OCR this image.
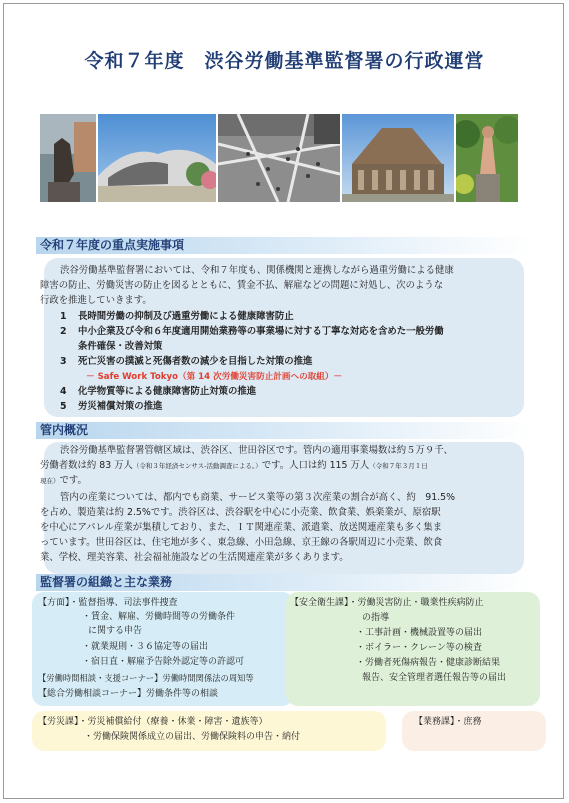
令和７年度　渋谷労働基準監督署の行政運営
令和７年度の重点実施事項
渋谷労働基準監督署においては、令和７年度も、関係機関と連携しながら過重労働による健康
障害の防止、労働災害の防止を図るとともに、賃金不払、解雇などの問題に対処し、次のような
行政を推進していきます。
1 長時間労働の抑制及び過重労働による健康障害防止
2 中小企業及び令和６年度適用開始業務等の事業場に対する丁寧な対応を含めた一般労働
条件確保・改善対策
3 死亡災害の撲滅と死傷者数の減少を目指した対策の推進
－ Safe Work Tokyo（第 14 次労働災害防止計画への取組）－
4 化学物質等による健康障害防止対策の推進
5 労災補償対策の推進
管内概況
渋谷労働基準監督署管轄区域は、渋谷区、世田谷区です。管内の適用事業場数は約５万９千、
労働者数は約 83 万人（令和３年経済センサス‐活動調査による。）です。人口は約 115 万人（令和７年３月１日
現在）です。
管内の産業については、都内でも商業、サービス業等の第３次産業の割合が高く、約　91.5%
を占め、製造業は約 2.5%です。渋谷区は、渋谷駅を中心に小売業、飲食業、娯楽業が、原宿駅
を中心にアパレル産業が集積しており、また、ＩＴ関連産業、派遣業、放送関連産業も多く集ま
っています。世田谷区は、住宅地が多く、東急線、小田急線、京王線の各駅周辺に小売業、飲食
業、学校、理美容業、社会福祉施設などの生活関連産業が多くあります。
監督署の組織と主な業務
【方面】・監督指導、司法事件捜査
・賃金、解雇、労働時間等の労働条件
に関する申告
・就業規則・３６協定等の届出
・宿日直・解雇予告除外認定等の許認可
【労働時間相談・支援コーナー】労働時間関係法の周知等
【総合労働相談コーナー】労働条件等の相談
【安全衛生課】・労働災害防止・職業性疾病防止
の指導
・工事計画・機械設置等の届出
・ボイラー・クレーン等の検査
・労働者死傷病報告・健康診断結果
報告、安全管理者選任報告等の届出
【労災課】・労災補償給付（療養・休業・障害・遺族等）
・労働保険関係成立の届出、労働保険料の申告・納付
【業務課】・庶務
